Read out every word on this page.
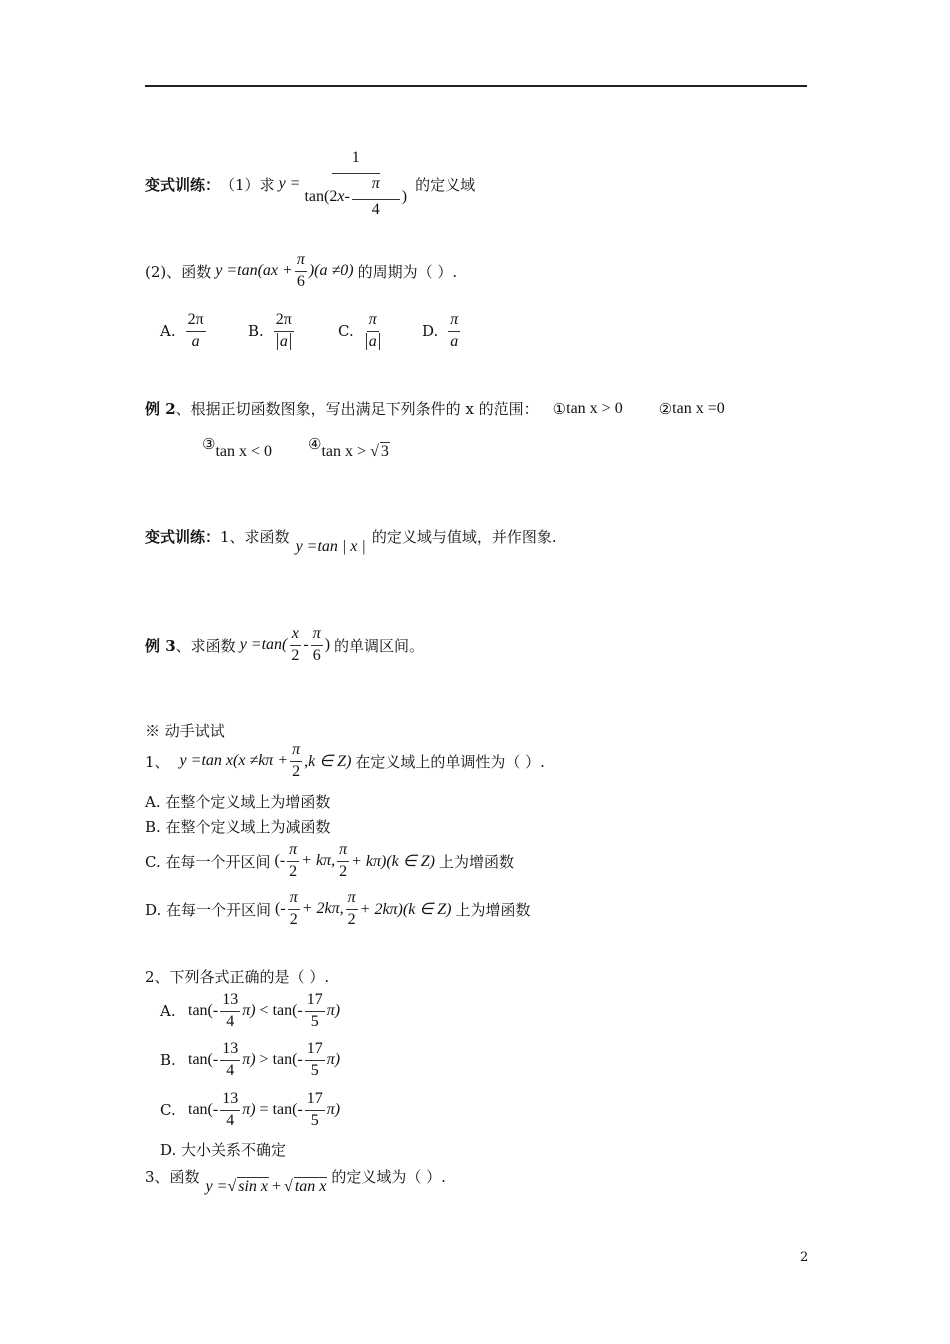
变式训练： （1）求 $y = \frac{1}{\tan(2 x - \frac{\pi}{4} )}$ 的定义域
(2)、函数 $y =\tan(ax + \frac{\pi}{6} )(a \ne 0)$ 的周期为（ ）.
A. $\frac{2\pi}{a}$	B. $\frac{2\pi}{a}$	C. $\frac{\pi}{a}$	D. $\frac{\pi}{a}$
例 2 、根据正切函数图象，写出满足下列条件的 x 的范围： ① tan x > 0 ② tan x =0
③ tan x < 0 ④ tan x > √ 3
变式训练： 1、求函数 y =tan | x | 的定义域与值域，并作图象.
例 3 、求函数 $y =\tan( \frac{x}{2} - \frac{\pi}{6}$ ) 的单调区间。
※ 动手试试
1、 y =tan $x(x \ne k\pi + \frac{\pi}{2} ,k$ ∈ Z) 在定义域上的单调性为（ ）.
A. 在整个定义域上为增函数
B. 在整个定义域上为减函数
C. 在每一个开区间 (- $\frac{\pi}{2} + k\pi$, $\frac{\pi}{2} + k\pi)(k$ ∈ Z) 上为增函数
D. 在每一个开区间 (- $\frac{\pi}{2} + 2k\pi$, $\frac{\pi}{2} + 2k\pi)(k$ ∈ Z) 上为增函数
2、下列各式正确的是（ ）.
A. $\tan(- \frac{13}{4} \pi) < \tan(- \frac{17}{5} \pi)$
B. $\tan(- \frac{13}{4} \pi) > \tan(- \frac{17}{5} \pi)$
C. $\tan(- \frac{13}{4} \pi) = \tan(- \frac{17}{5} \pi)$
D. 大小关系不确定
3、函数 y = √ sin x + √ tan x
的定义域为（ ）.
2
